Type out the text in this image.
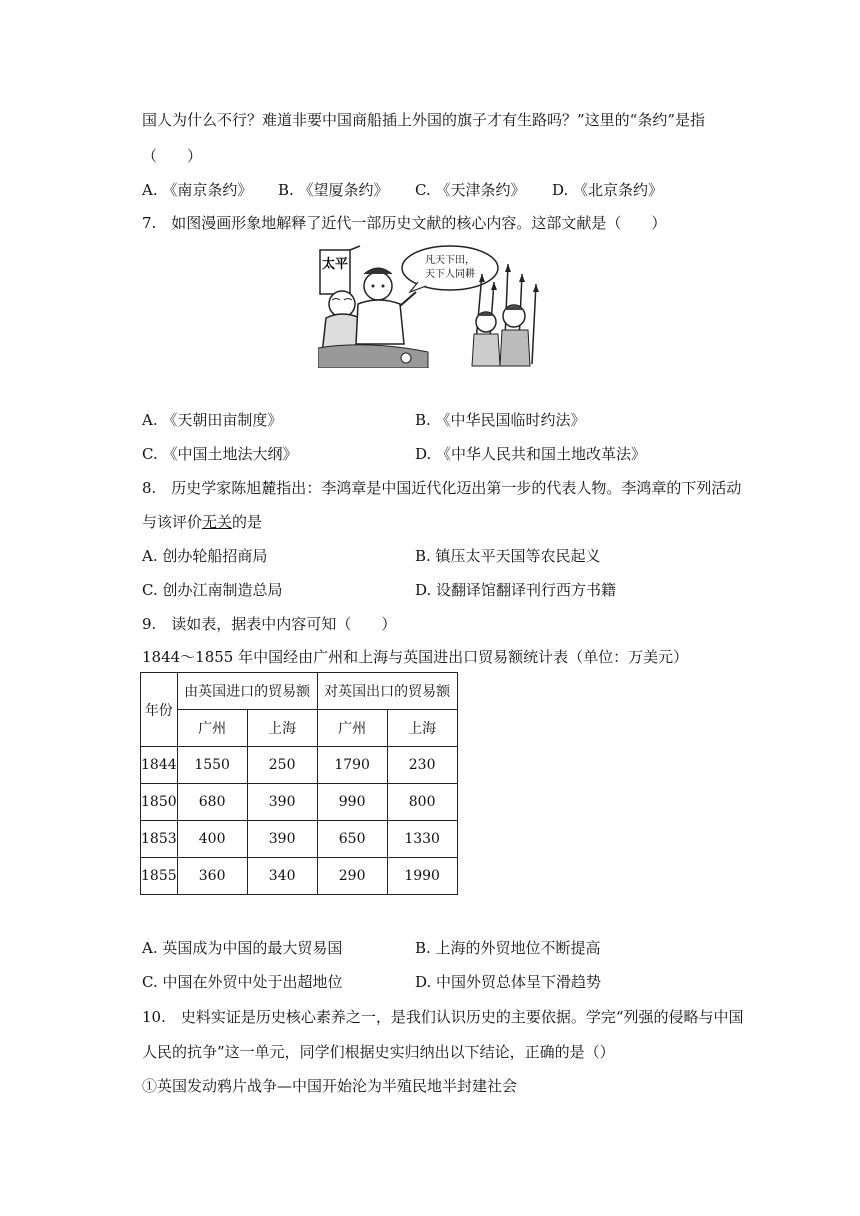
国人为什么不行？难道非要中国商船插上外国的旗子才有生路吗？”这里的“条约”是指
（　　）
A. 《南京条约》 B. 《望厦条约》 C. 《天津条约》 D. 《北京条约》
7.　如图漫画形象地解释了近代一部历史文献的核心内容。这部文献是（　　）
太平	凡天下田，
天下人同耕
A. 《天朝田亩制度》	B. 《中华民国临时约法》
C. 《中国土地法大纲》	D. 《中华人民共和国土地改革法》
8.　历史学家陈旭麓指出：李鸿章是中国近代化迈出第一步的代表人物。李鸿章的下列活动
与该评价无关的是
A. 创办轮船招商局	B. 镇压太平天国等农民起义
C. 创办江南制造总局	D. 设翻译馆翻译刊行西方书籍
9.　读如表，据表中内容可知（　　）
1844～1855 年中国经由广州和上海与英国进出口贸易额统计表（单位：万美元）
年份	由英国进口的贸易额		对英国出口的贸易额	
	广州	上海	广州	上海
1844	1550	250	1790	230
1850	680	390	990	800
1853	400	390	650	1330
1855	360	340	290	1990
A. 英国成为中国的最大贸易国	B. 上海的外贸地位不断提高
C. 中国在外贸中处于出超地位	D. 中国外贸总体呈下滑趋势
10.　史料实证是历史核心素养之一，是我们认识历史的主要依据。学完“列强的侵略与中国
人民的抗争”这一单元，同学们根据史实归纳出以下结论，正确的是（）
①英国发动鸦片战争—中国开始沦为半殖民地半封建社会
